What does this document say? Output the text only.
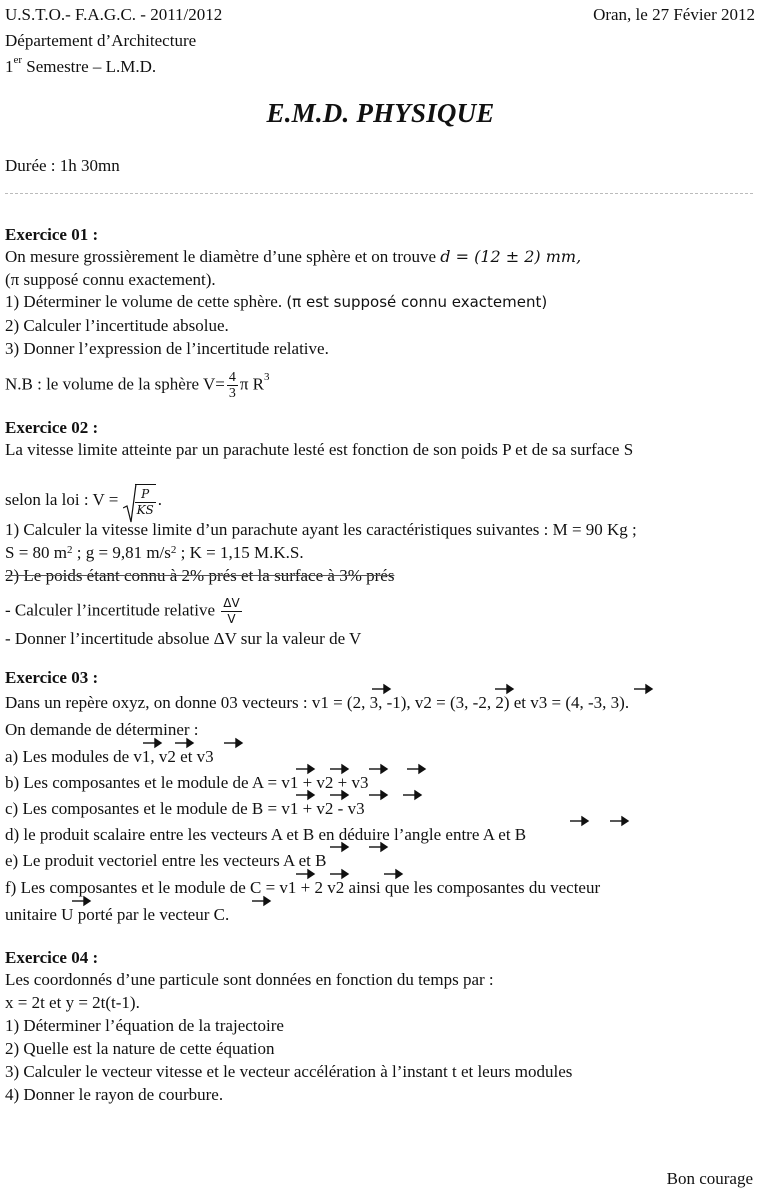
U.S.T.O.- F.A.G.C. - 2011/2012	Oran, le 27 Févier 2012
Département d’Architecture
1er Semestre – L.M.D.
E.M.D. PHYSIQUE
Durée : 1h 30mn
Exercice 01 :
On mesure grossièrement le diamètre d’une sphère et on trouve d = (12 ± 2) mm,
(π supposé connu exactement).
1) Déterminer le volume de cette sphère. (π est supposé connu exactement)
2) Calculer l’incertitude absolue.
3) Donner l’expression de l’incertitude relative.
N.B : le volume de la sphère $V= \frac{4}{3}$ π $R^3$
Exercice 02 :
La vitesse limite atteinte par un parachute lesté est fonction de son poids P et de sa surface S
selon la loi : $V = \frac{P}{KS}$ .
1) Calculer la vitesse limite d’un parachute ayant les caractéristiques suivantes : M = 90 Kg ;
S = 80 $m^2$ ; g = 9,81 $m/s^2$ ; K = 1,15 M.K.S.
2) Le poids étant connu à 2% prés et la surface à 3% prés
- Calculer l’incertitude relative $\frac{\Delta V}{V}$
- Donner l’incertitude absolue ΔV sur la valeur de V
Exercice 03 :
Dans un repère oxyz, on donne 03 vecteurs : v1 = (2, 3, -1), v2 = (3, -2, 2) et v3 = (4, -3, 3).
On demande de déterminer :
a) Les modules de v1, v2 et v3
b) Les composantes et le module de A = v1 + v2 + v3
c) Les composantes et le module de B = v1 + v2 - v3
d) le produit scalaire entre les vecteurs A et B en déduire l’angle entre A et B
e) Le produit vectoriel entre les vecteurs A et B
f) Les composantes et le module de C = v1 + 2 v2 ainsi que les composantes du vecteur
unitaire U porté par le vecteur C.
Exercice 04 :
Les coordonnés d’une particule sont données en fonction du temps par :
x = 2t et y = 2t(t-1).
1) Déterminer l’équation de la trajectoire
2) Quelle est la nature de cette équation
3) Calculer le vecteur vitesse et le vecteur accélération à l’instant t et leurs modules
4) Donner le rayon de courbure.
Bon courage
